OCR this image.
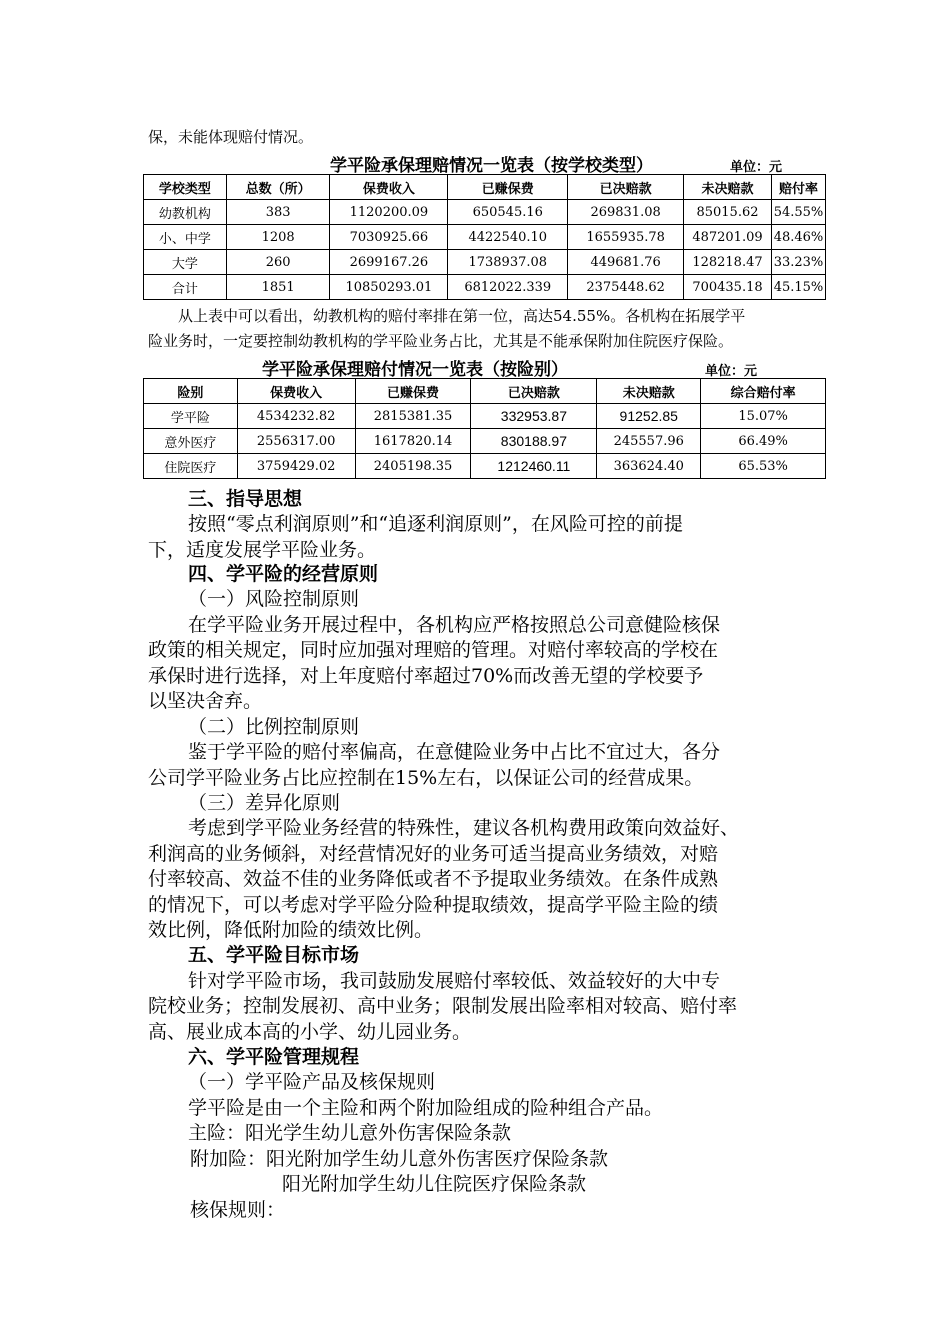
保，未能体现赔付情况。
学平险承保理赔情况一览表（按学校类型）	单位：元
学校类型	总数（所）	保费收入	已赚保费	已决赔款	未决赔款	赔付率
幼教机构	383	1120200.09	650545.16	269831.08	85015.62	54.55%
小、中学	1208	7030925.66	4422540.10	1655935.78	487201.09	48.46%
大学	260	2699167.26	1738937.08	449681.76	128218.47	33.23%
合计	1851	10850293.01	6812022.339	2375448.62	700435.18	45.15%
从上表中可以看出，幼教机构的赔付率排在第一位，高达54.55%。各机构在拓展学平
险业务时，一定要控制幼教机构的学平险业务占比，尤其是不能承保附加住院医疗保险。
学平险承保理赔付情况一览表（按险别）	单位：元
险别	保费收入	已赚保费	已决赔款	未决赔款	综合赔付率
学平险	4534232.82	2815381.35	332953.87	91252.85	15.07%
意外医疗	2556317.00	1617820.14	830188.97	245557.96	66.49%
住院医疗	3759429.02	2405198.35	1212460.11	363624.40	65.53%
三、指导思想
按照“零点利润原则”和“追逐利润原则”，在风险可控的前提
下，适度发展学平险业务。
四、学平险的经营原则
（一）风险控制原则
在学平险业务开展过程中，各机构应严格按照总公司意健险核保
政策的相关规定，同时应加强对理赔的管理。对赔付率较高的学校在
承保时进行选择，对上年度赔付率超过70%而改善无望的学校要予
以坚决舍弃。
（二）比例控制原则
鉴于学平险的赔付率偏高，在意健险业务中占比不宜过大，各分
公司学平险业务占比应控制在15%左右，以保证公司的经营成果。
（三）差异化原则
考虑到学平险业务经营的特殊性，建议各机构费用政策向效益好、
利润高的业务倾斜，对经营情况好的业务可适当提高业务绩效，对赔
付率较高、效益不佳的业务降低或者不予提取业务绩效。在条件成熟
的情况下，可以考虑对学平险分险种提取绩效，提高学平险主险的绩
效比例，降低附加险的绩效比例。
五、学平险目标市场
针对学平险市场，我司鼓励发展赔付率较低、效益较好的大中专
院校业务；控制发展初、高中业务；限制发展出险率相对较高、赔付率
高、展业成本高的小学、幼儿园业务。
六、学平险管理规程
（一）学平险产品及核保规则
学平险是由一个主险和两个附加险组成的险种组合产品。
主险：阳光学生幼儿意外伤害保险条款
附加险：阳光附加学生幼儿意外伤害医疗保险条款
阳光附加学生幼儿住院医疗保险条款
核保规则：
